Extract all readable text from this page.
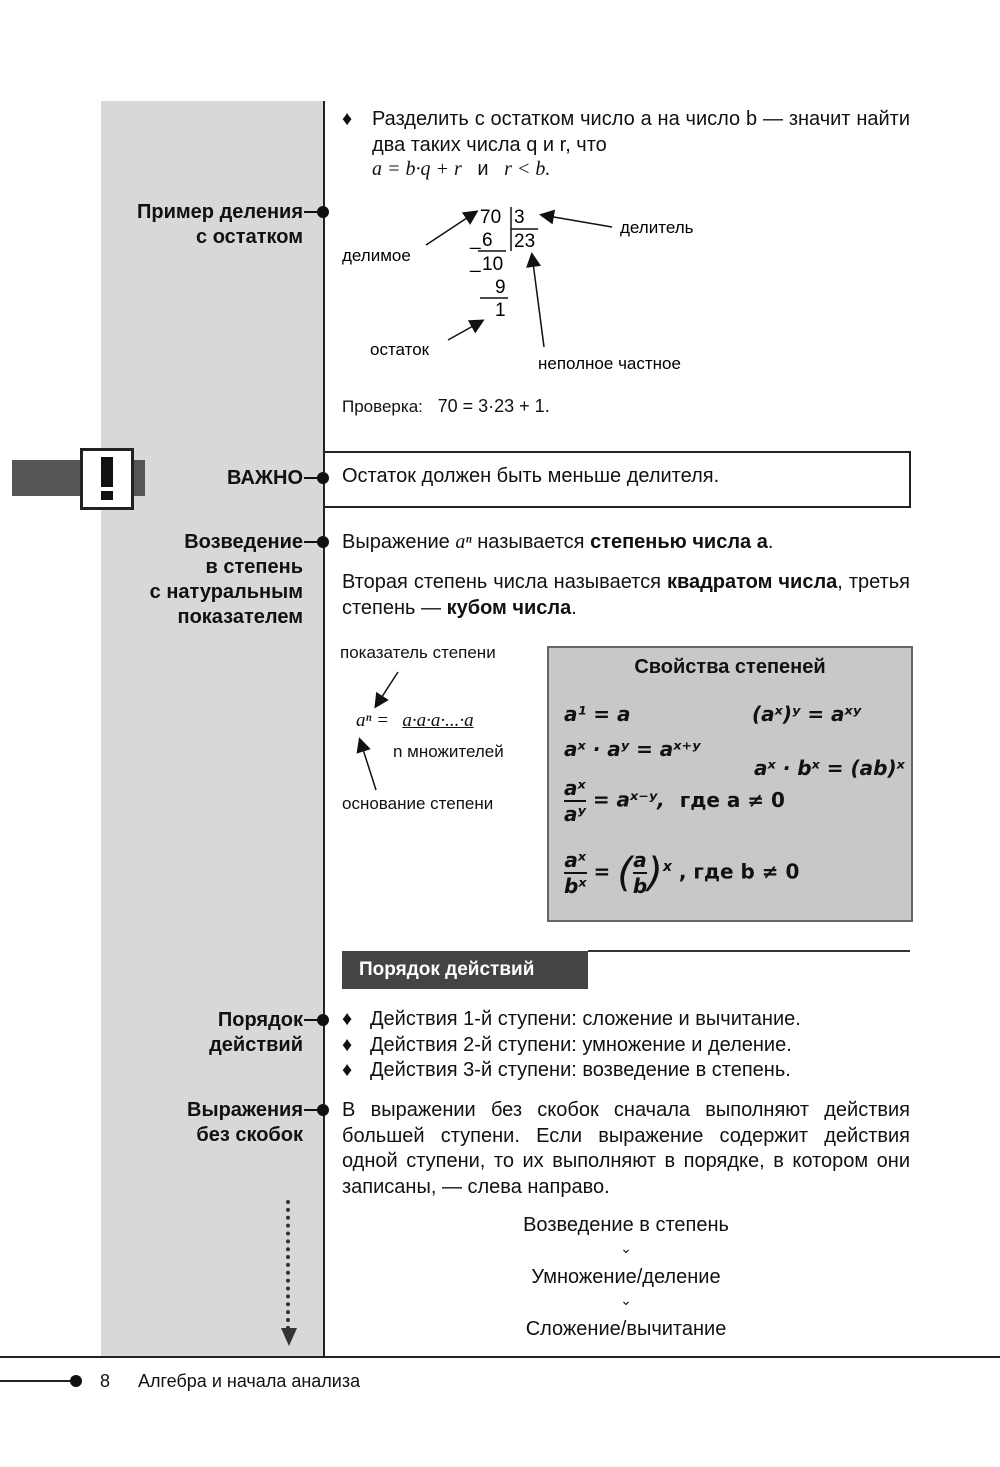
♦ Разделить с остатком число a на число b — значит найти два таких числа q и r, что
a = b·q + r и r < b.
Пример деления
с остатком
70 3
_ 6 23
_ 10
9
1
делимое
делитель
остаток
неполное частное
Проверка: 70 = 3·23 + 1.
ВАЖНО Остаток должен быть меньше делителя.
Возведение
в степень
с натуральным
показателем
Выражение aⁿ называется степенью числа a.
Вторая степень числа называется квадратом числа, третья степень — кубом числа.
показатель степени
aⁿ = a·a·a·...·a
n множителей
основание степени
Свойства степеней
a¹ = a
aˣ · aʸ = aˣ⁺ʸ
$\frac{\text{aˣ}}{\text{aʸ}}$ = aˣ⁻ʸ, где a ≠ 0
$\frac{\text{aˣ}}{\text{bˣ}}$ = ( $\frac{a}{b} )^x$ , где b ≠ 0
(aˣ)ʸ = aˣʸ
aˣ · bˣ = (ab)ˣ
Порядок действий
Порядок
действий
♦ Действия 1-й ступени: сложение и вычитание.
♦ Действия 2-й ступени: умножение и деление.
♦ Действия 3-й ступени: возведение в степень.
Выражения
без скобок
В выражении без скобок сначала выполняют действия большей ступени. Если выражение содержит действия одной ступени, то их выполняют в порядке, в котором они записаны, — слева направо.
Возведение в степень
⌄
Умножение/деление
⌄
Сложение/вычитание
8 Алгебра и начала анализа
